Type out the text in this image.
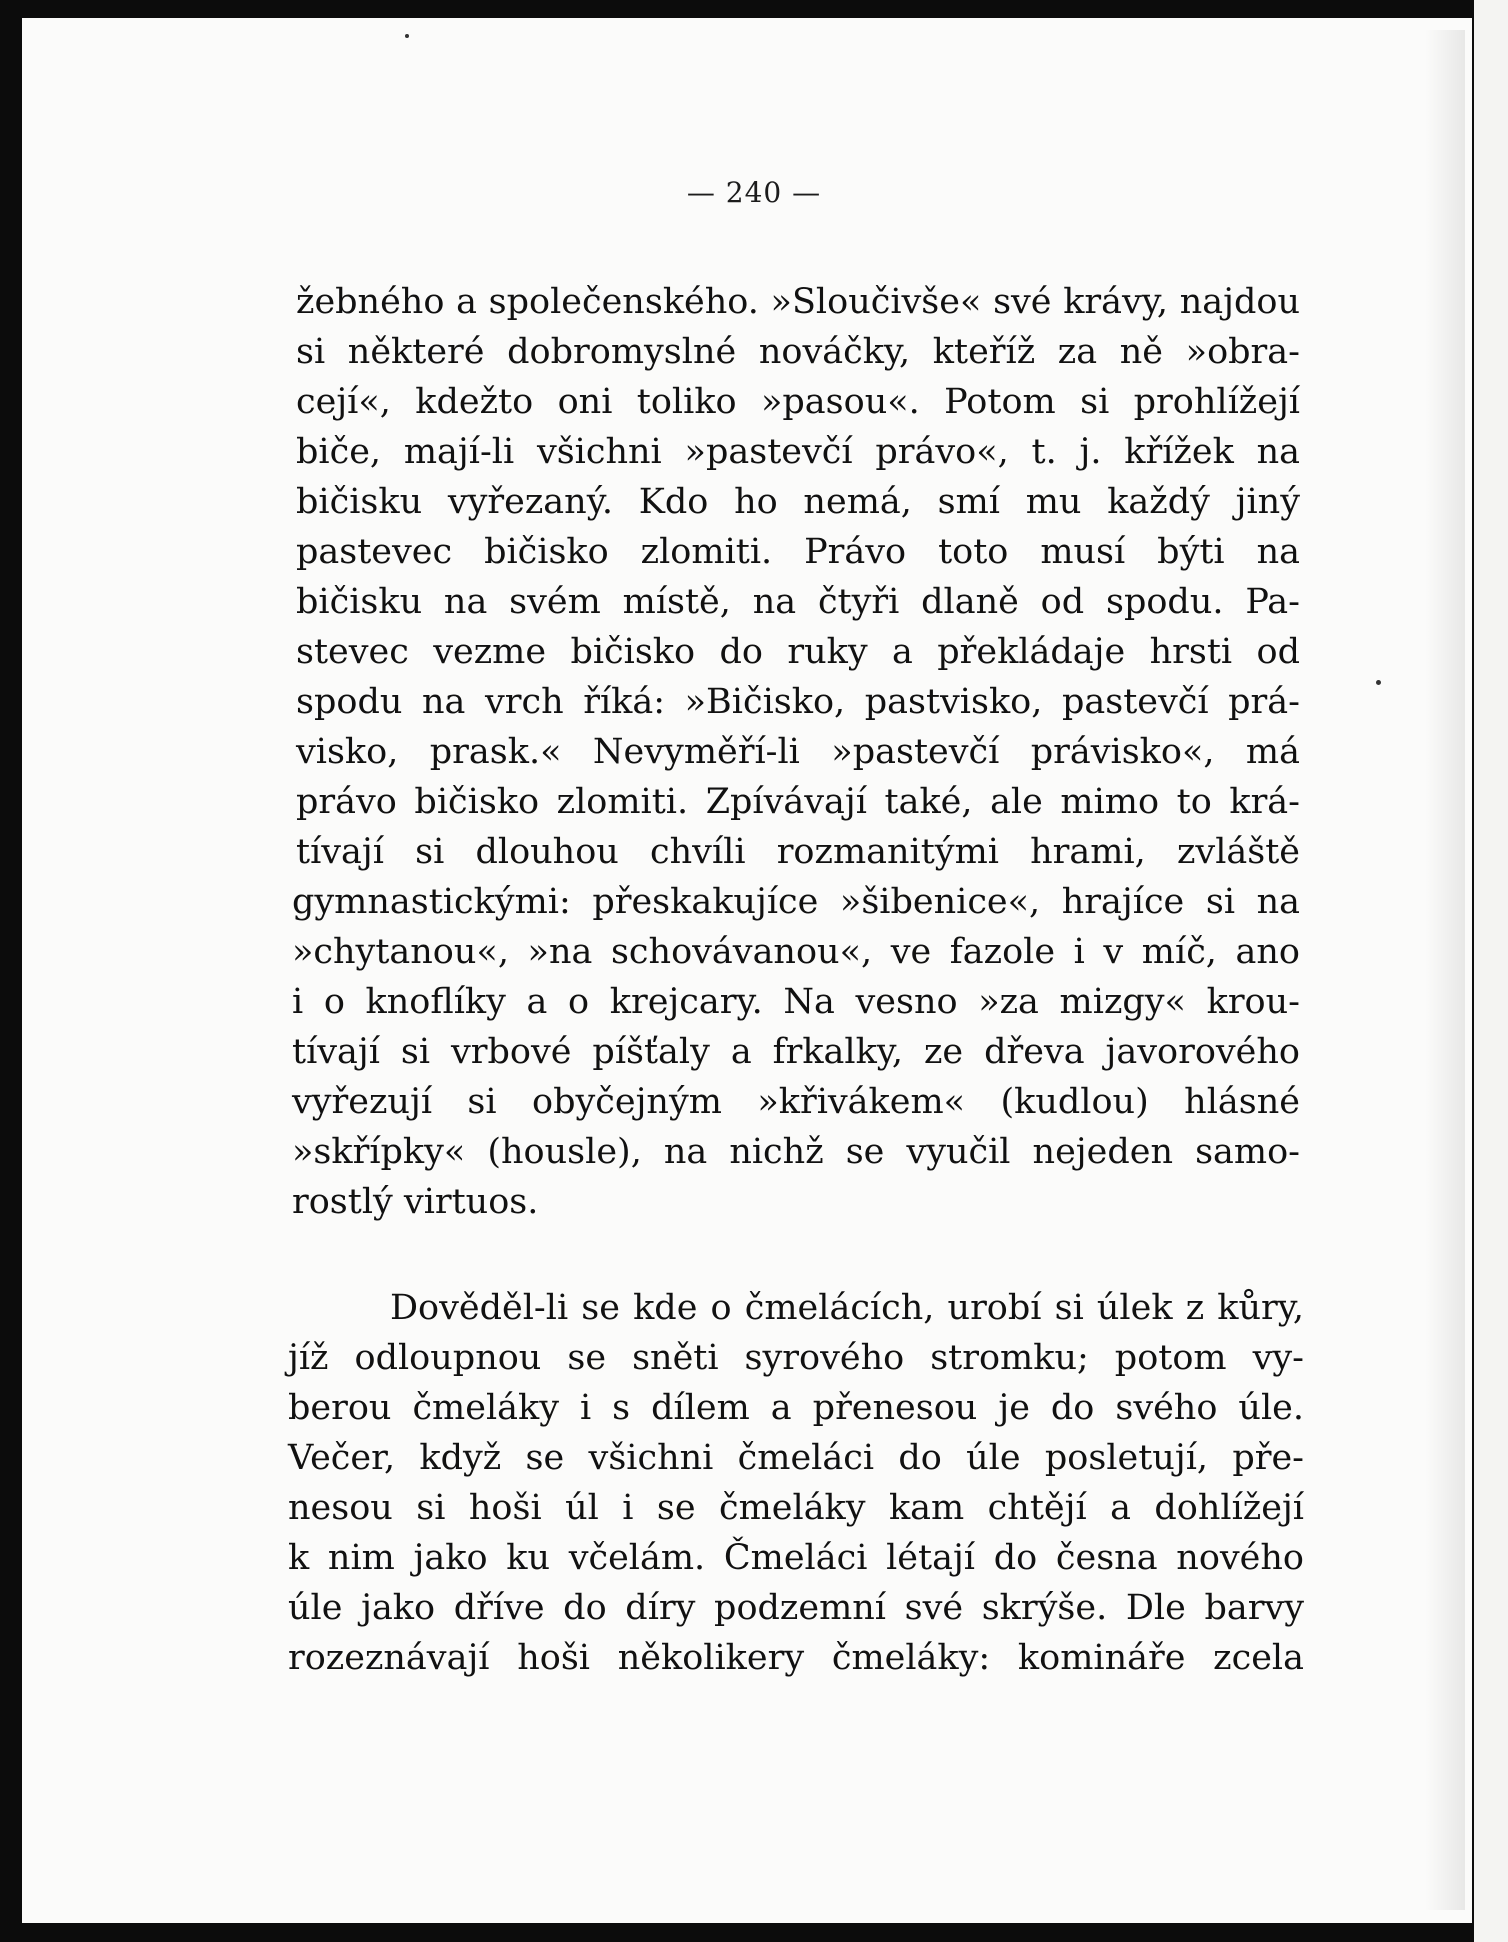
— 240 —
žebného a společenského. »Sloučivše« své krávy, najdou
si některé dobromyslné nováčky, kteříž za ně »obra-
cejí«, kdežto oni toliko »pasou«. Potom si prohlížejí
biče, mají-li všichni »pastevčí právo«, t. j. křížek na
bičisku vyřezaný. Kdo ho nemá, smí mu každý jiný
pastevec bičisko zlomiti. Právo toto musí býti na
bičisku na svém místě, na čtyři dlaně od spodu. Pa-
stevec vezme bičisko do ruky a překládaje hrsti od
spodu na vrch říká: »Bičisko, pastvisko, pastevčí prá-
visko, prask.« Nevyměří-li »pastevčí právisko«, má
právo bičisko zlomiti. Zpívávají také, ale mimo to krá-
tívají si dlouhou chvíli rozmanitými hrami, zvláště
gymnastickými: přeskakujíce »šibenice«, hrajíce si na
»chytanou«, »na schovávanou«, ve fazole i v míč, ano
i o knoflíky a o krejcary. Na vesno »za mizgy« krou-
tívají si vrbové píšťaly a frkalky, ze dřeva javorového
vyřezují si obyčejným »křivákem« (kudlou) hlásné
»skřípky« (housle), na nichž se vyučil nejeden samo-
rostlý virtuos.
Dověděl-li se kde o čmelácích, urobí si úlek z kůry,
jíž odloupnou se sněti syrového stromku; potom vy-
berou čmeláky i s dílem a přenesou je do svého úle.
Večer, když se všichni čmeláci do úle posletují, pře-
nesou si hoši úl i se čmeláky kam chtějí a dohlížejí
k nim jako ku včelám. Čmeláci létají do česna nového
úle jako dříve do díry podzemní své skrýše. Dle barvy
rozeznávají hoši několikery čmeláky: komináře zcela
